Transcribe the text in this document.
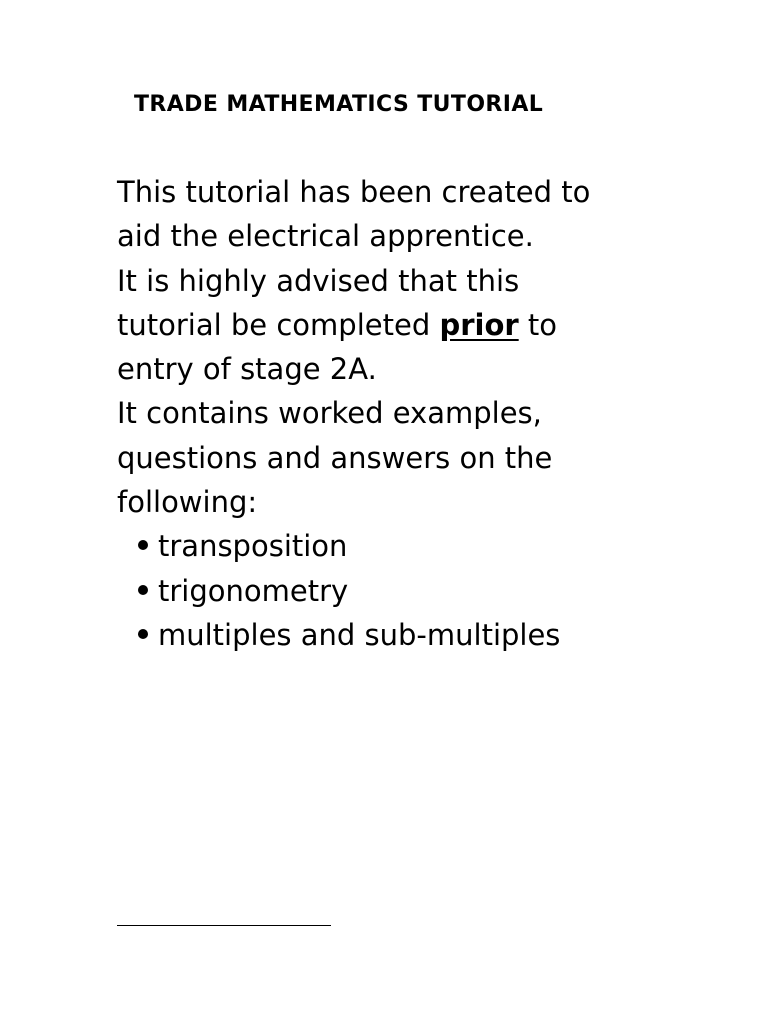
TRADE MATHEMATICS TUTORIAL
This tutorial has been created to
aid the electrical apprentice.
It is highly advised that this
tutorial be completed prior to
entry of stage 2A.
It contains worked examples,
questions and answers on the
following:
transposition
trigonometry
multiples and sub-multiples
